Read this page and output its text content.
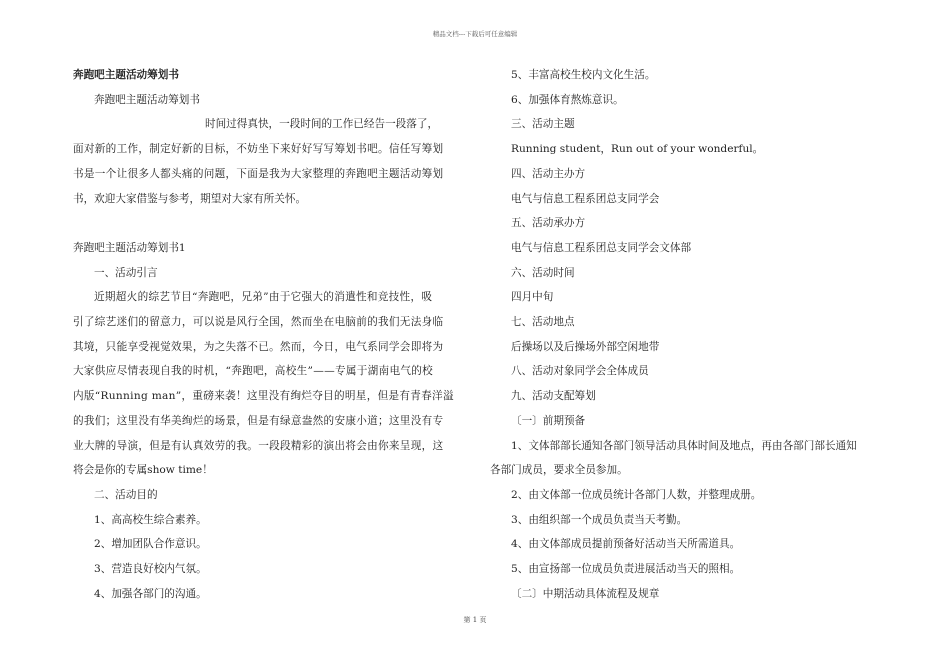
精品文档---下载后可任意编辑

奔跑吧主题活动筹划书

奔跑吧主题活动筹划书

时间过得真快，一段时间的工作已经告一段落了，

面对新的工作，制定好新的目标，不妨坐下来好好写写筹划书吧。信任写筹划

书是一个让很多人都头痛的问题，下面是我为大家整理的奔跑吧主题活动筹划

书，欢迎大家借鉴与参考，期望对大家有所关怀。

奔跑吧主题活动筹划书1

一、活动引言

近期超火的综艺节目“奔跑吧，兄弟”由于它强大的消遣性和竞技性，吸

引了综艺迷们的留意力，可以说是风行全国，然而坐在电脑前的我们无法身临

其境，只能享受视觉效果，为之失落不已。然而，今日，电气系同学会即将为

大家供应尽情表现自我的时机，“奔跑吧，高校生”——专属于湖南电气的校

内版“Running man”，重磅来袭！这里没有绚烂夺目的明星，但是有青春洋溢

的我们；这里没有华美绚烂的场景，但是有绿意盎然的安康小道；这里没有专

业大牌的导演，但是有认真效劳的我。一段段精彩的演出将会由你来呈现，这

将会是你的专属show time！

二、活动目的

1、高高校生综合素养。

2、增加团队合作意识。

3、营造良好校内气氛。

4、加强各部门的沟通。

5、丰富高校生校内文化生活。

6、加强体育熬炼意识。

三、活动主题

Running student，Run out of your wonderful。

四、活动主办方

电气与信息工程系团总支同学会

五、活动承办方

电气与信息工程系团总支同学会文体部

六、活动时间

四月中旬

七、活动地点

后操场以及后操场外部空闲地带

八、活动对象同学会全体成员

九、活动支配筹划

〔一〕前期预备

1、文体部部长通知各部门领导活动具体时间及地点，再由各部门部长通知

各部门成员，要求全员参加。

2、由文体部一位成员统计各部门人数，并整理成册。

3、由组织部一个成员负责当天考勤。

4、由文体部成员提前预备好活动当天所需道具。

5、由宣扬部一位成员负责进展活动当天的照相。

〔二〕中期活动具体流程及规章

第 1 页
